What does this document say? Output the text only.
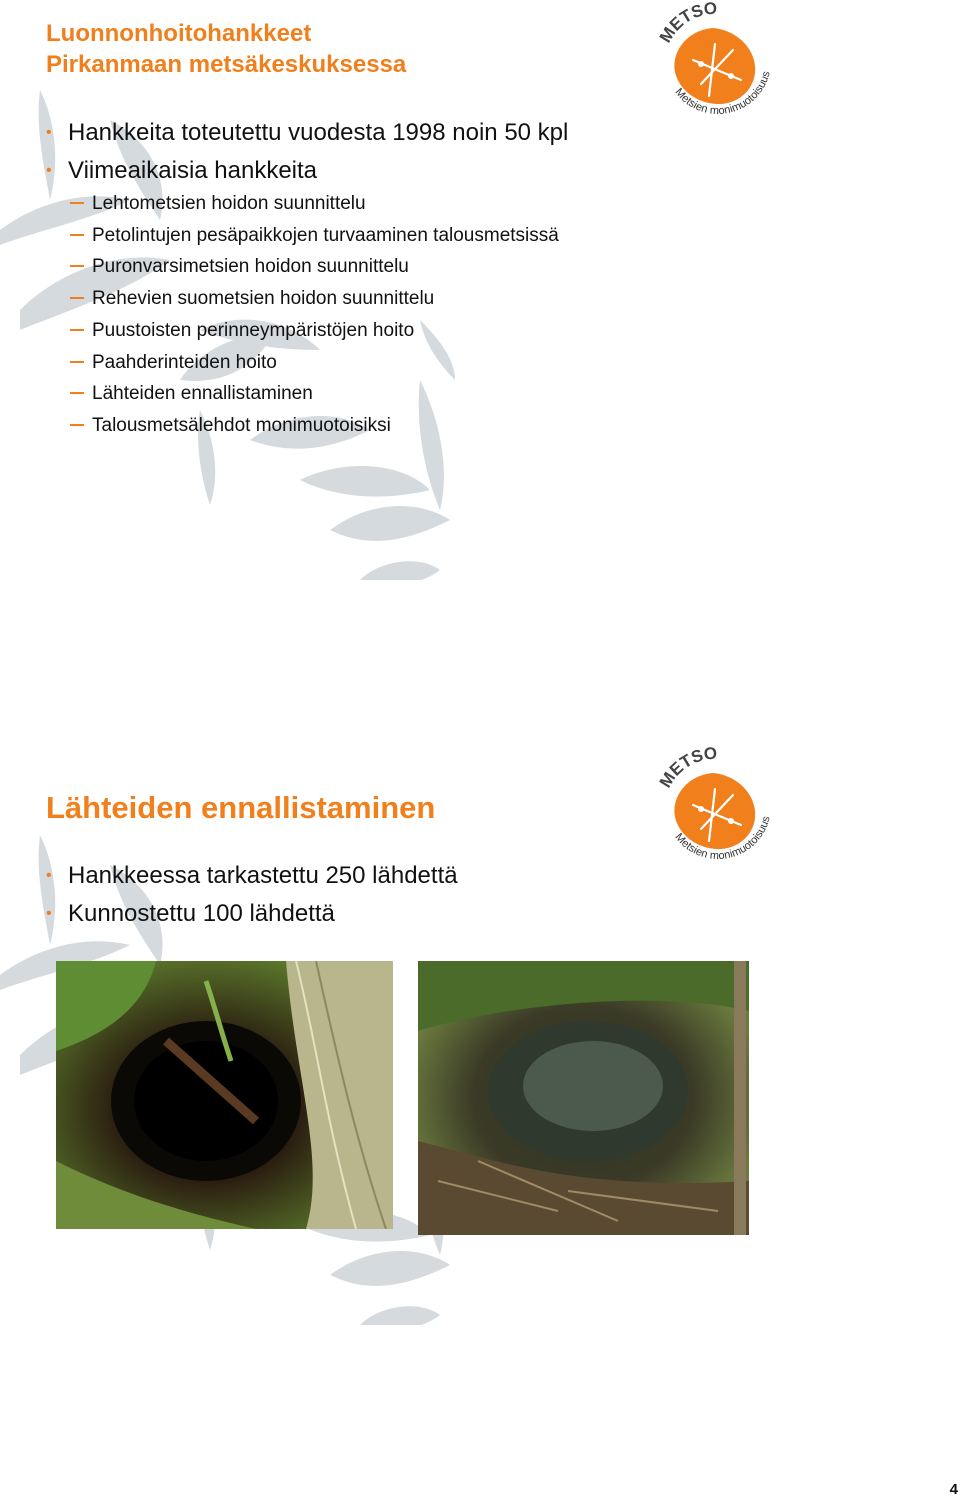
Luonnonhoitohankkeet
Pirkanmaan metsäkeskuksessa
METSO
Metsien monimuotoisuus
• Hankkeita toteutettu vuodesta 1998 noin 50 kpl
• Viimeaikaisia hankkeita
Lehtometsien hoidon suunnittelu
Petolintujen pesäpaikkojen turvaaminen talousmetsissä
Puronvarsimetsien hoidon suunnittelu
Rehevien suometsien hoidon suunnittelu
Puustoisten perinneympäristöjen hoito
Paahderinteiden hoito
Lähteiden ennallistaminen
Talousmetsälehdot monimuotoisiksi
Lähteiden ennallistaminen
METSO
Metsien monimuotoisuus
• Hankkeessa tarkastettu 250 lähdettä
• Kunnostettu 100 lähdettä
4
